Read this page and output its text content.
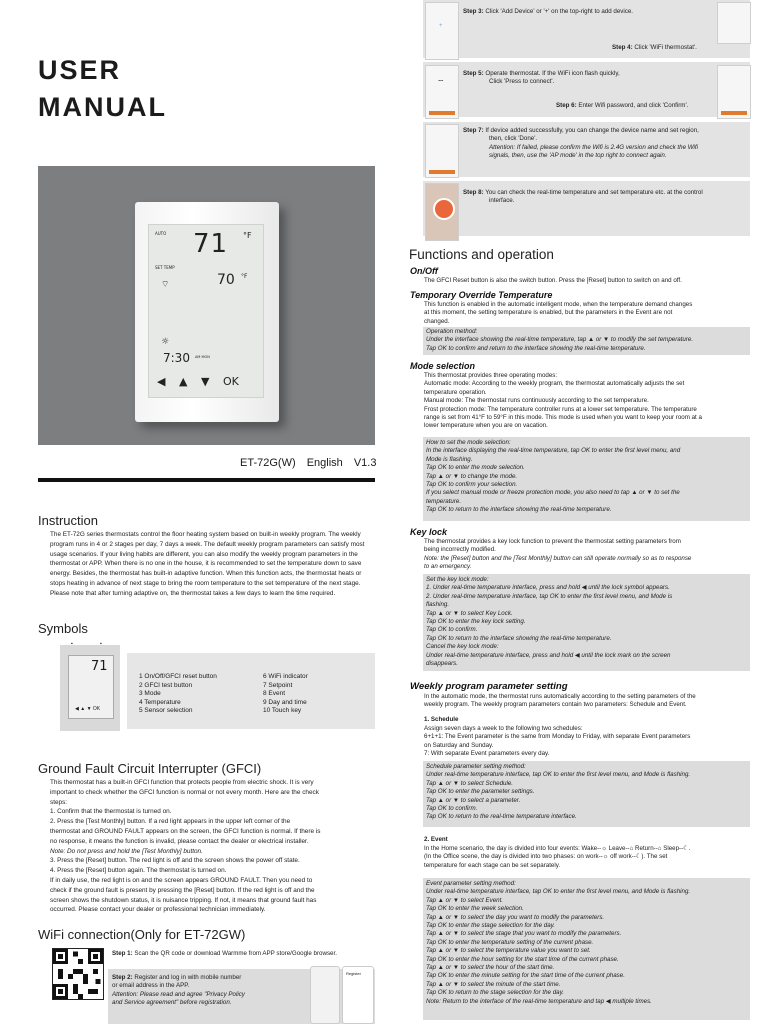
USER
MANUAL
AUTO 71 °F
SET TEMP
⌔	70 °F
☼
7:30 AM MON
◀ ▲ ▼ OK
ET-72G(W) English V1.3
Instruction

The ET-72G series thermostats control the floor heating system based on built-in weekly program. The weekly program runs in 4 or 2 stages per day, 7 days a week. The default weekly program parameters can satisfy most usage scenarios. If your living habits are different, you can also modify the weekly program parameters in the thermostat or APP. When there is no one in the house, it is recommended to set the temperature down to save energy. Besides, the thermostat has built-in adaptive function. When this function acts, the thermostat heats or stops heating in advance of next stage to bring the room temperature to the set temperature of the next stage. Please note that after turning adaptive on, the thermostat takes a few days to learn the time required.

Symbols
▪	▪
71
◀ ▲ ▼ OK
1 On/Off/GFCI reset button
2 GFCI test button
3 Mode
4 Temperature
5 Sensor selection
6 WiFi indicator
7 Setpoint
8 Event
9 Day and time
10 Touch key
Ground Fault Circuit Interrupter (GFCI)
This thermostat has a built-in GFCI function that protects people from electric shock. It is very
important to check whether the GFCI function is normal or not every month. Here are the check
steps:
1. Confirm that the thermostat is turned on.
2. Press the [Test Monthly] button. If a red light appears in the upper left corner of the
thermostat and GROUND FAULT appears on the screen, the GFCI function is normal. If there is
no response, it means the function is invalid, please contact the dealer or electrical installer.
Note: Do not press and hold the [Test Monthly] button.
3. Press the [Reset] button. The red light is off and the screen shows the power off state.
4. Press the [Reset] button again. The thermostat is turned on.
If in daily use, the red light is on and the screen appears GROUND FAULT. Then you need to
check if the ground fault is present by pressing the [Reset] button. If the red light is off and the
screen shows the shutdown status, it is nuisance tripping. If not, it means that ground fault has
occurred. Please contact your dealer or professional technician immediately.
WiFi connection(Only for ET-72GW)
Step 1: Scan the QR code or download Warmme from APP store/Google browser.
Step 2: Register and log in with mobile number
or email address in the APP.
Attention: Please read and agree "Privacy Policy
and Service agreement" before registration.
Register
+
Step 3: Click 'Add Device' or '+' on the top-right to add device.
Step 4: Click 'WiFi thermostat'.
⌔
Step 5: Operate thermostat. If the WiFi icon flash quickly,
Click 'Press to connect'.
Step 6: Enter Wifi password, and click 'Confirm'.
Step 7: If device added successfully, you can change the device name and set region,
then, click 'Done'.
Attention: If failed, please confirm the Wifi is 2.4G version and check the Wifi
signals, then, use the 'AP mode' in the top right to connect again.
Step 8: You can check the real-time temperature and set temperature etc. at the control
interface.
Functions and operation
On/Off
The GFCI Reset button is also the switch button. Press the [Reset] button to switch on and off.
Temporary Override Temperature
This function is enabled in the automatic intelligent mode, when the temperature demand changes
at this moment, the setting temperature is enabled, but the parameters in the Event are not
changed.
Operation method:
Under the interface showing the real-time temperature, tap ▲ or ▼ to modify the set temperature.
Tap OK to confirm and return to the interface showing the real-time temperature.
Mode selection
This thermostat provides three operating modes:
Automatic mode: According to the weekly program, the thermostat automatically adjusts the set
temperature operation.
Manual mode: The thermostat runs continuously according to the set temperature.
Frost protection mode: The temperature controller runs at a lower set temperature. The temperature
range is set from 41°F to 59°F in this mode. This mode is used when you want to keep your room at a
lower temperature when you are on vacation.
How to set the mode selection:
In the interface displaying the real-time temperature, tap OK to enter the first level menu, and
Mode is flashing.
Tap OK to enter the mode selection.
Tap ▲ or ▼ to change the mode.
Tap OK to confirm your selection.
If you select manual mode or freeze protection mode, you also need to tap ▲ or ▼ to set the
temperature.
Tap OK to return to the interface showing the real-time temperature.
Key lock
The thermostat provides a key lock function to prevent the thermostat setting parameters from
being incorrectly modified.
Note: the [Reset] button and the [Test Monthly] button can still operate normally so as to response
to an emergency.
Set the key lock mode:
1. Under real-time temperature interface, press and hold ◀ until the lock symbol appears.
2. Under real-time temperature interface, tap OK to enter the first level menu, and Mode is
flashing.
Tap ▲ or ▼ to select Key Lock.
Tap OK to enter the key lock setting.
Tap OK to confirm.
Tap OK to return to the interface showing the real-time temperature.
Cancel the key lock mode:
Under real-time temperature interface, press and hold ◀ until the lock mark on the screen
disappears.
Weekly program parameter setting
In the automatic mode, the thermostat runs automatically according to the setting parameters of the
weekly program. The weekly program parameters contain two parameters: Schedule and Event.
1. Schedule
Assign seven days a week to the following two schedules:
6+1+1: The Event parameter is the same from Monday to Friday, with separate Event parameters
on Saturday and Sunday.
7: With separate Event parameters every day.
Schedule parameter setting method:
Under real-time temperature interface, tap OK to enter the first level menu, and Mode is flashing.
Tap ▲ or ▼ to select Schedule.
Tap OK to enter the parameter settings.
Tap ▲ or ▼ to select a parameter.
Tap OK to confirm.
Tap OK to return to the real-time temperature interface.
2. Event
In the Home scenario, the day is divided into four events: Wake--☼ Leave--⌂ Return--⌂ Sleep--☾.
(In the Office scene, the day is divided into two phases: on work--☼ off work--☾). The set
temperature for each stage can be set separately.
Event parameter setting method:
Under real-time temperature interface, tap OK to enter the first level menu, and Mode is flashing.
Tap ▲ or ▼ to select Event.
Tap OK to enter the week selection.
Tap ▲ or ▼ to select the day you want to modify the parameters.
Tap OK to enter the stage selection for the day.
Tap ▲ or ▼ to select the stage that you want to modify the parameters.
Tap OK to enter the temperature setting of the current phase.
Tap ▲ or ▼ to select the temperature value you want to set.
Tap OK to enter the hour setting for the start time of the current phase.
Tap ▲ or ▼ to select the hour of the start time.
Tap OK to enter the minute setting for the start time of the current phase.
Tap ▲ or ▼ to select the minute of the start time.
Tap OK to return to the stage selection for the day.
Note: Return to the interface of the real-time temperature and tap ◀ multiple times.
